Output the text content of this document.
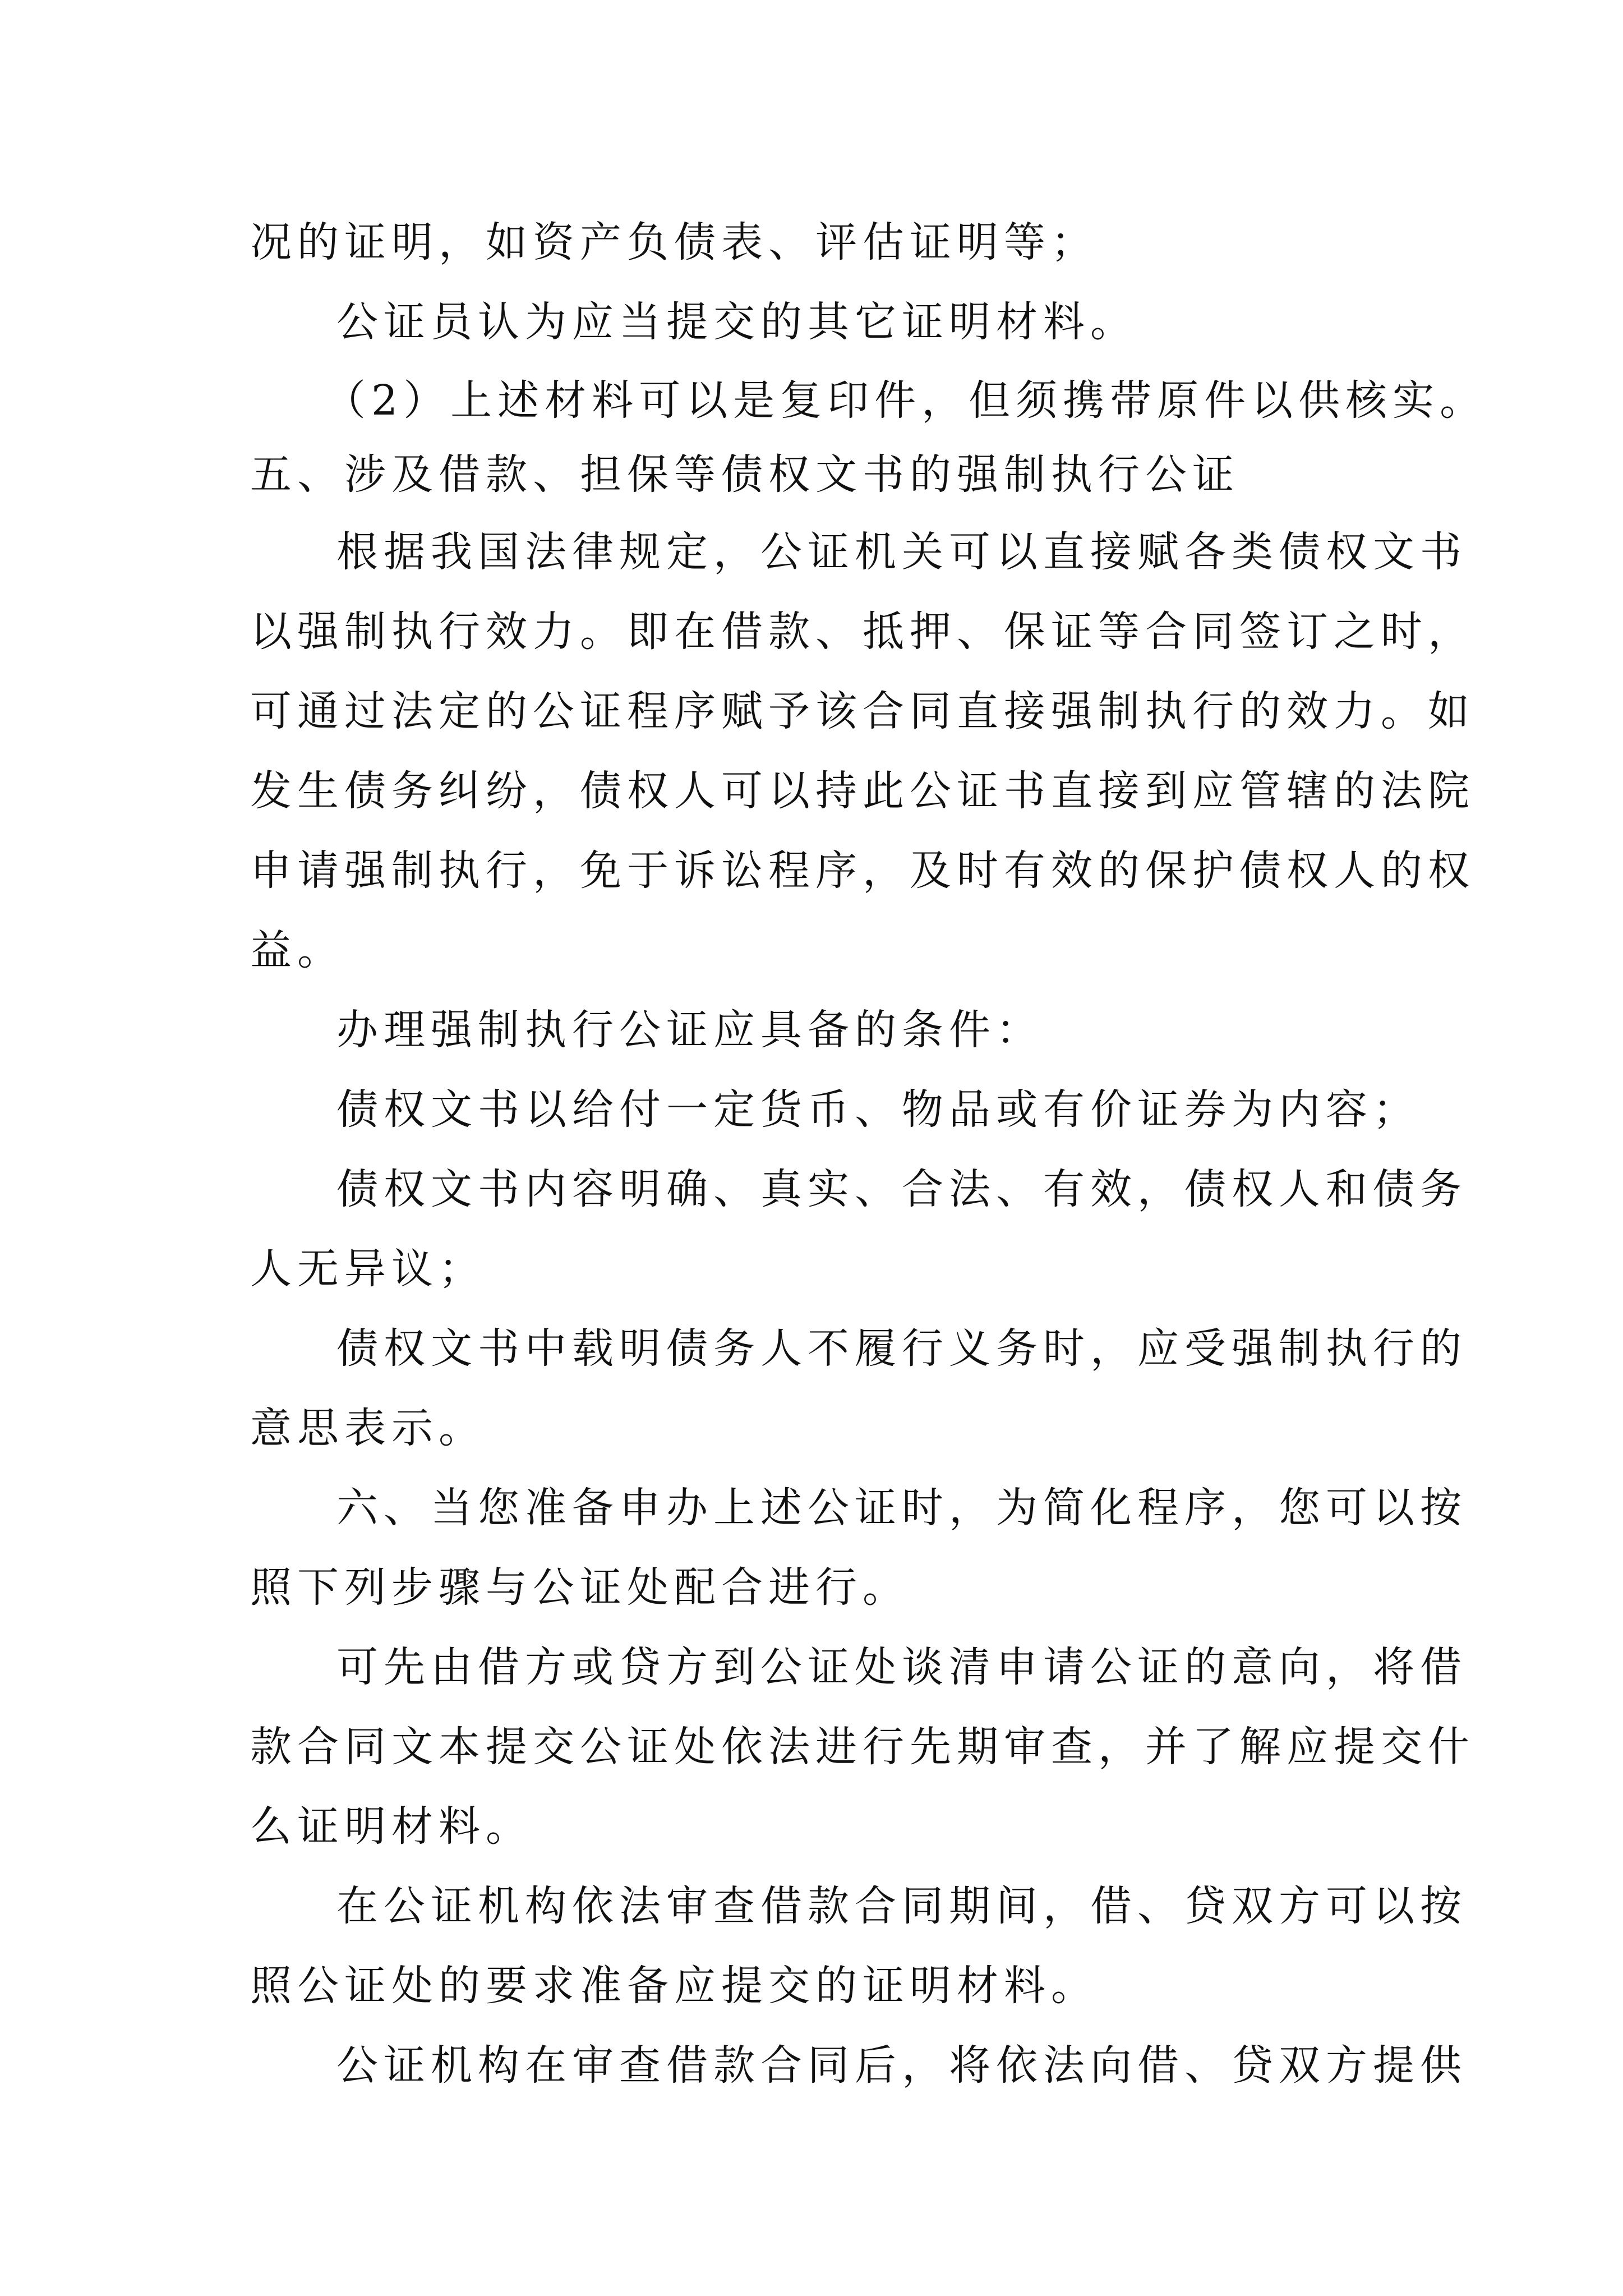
况的证明，如资产负债表、评估证明等；
公证员认为应当提交的其它证明材料。
（2）上述材料可以是复印件，但须携带原件以供核实。
五、涉及借款、担保等债权文书的强制执行公证
根据我国法律规定，公证机关可以直接赋各类债权文书
以强制执行效力。即在借款、抵押、保证等合同签订之时，
可通过法定的公证程序赋予该合同直接强制执行的效力。如
发生债务纠纷，债权人可以持此公证书直接到应管辖的法院
申请强制执行，免于诉讼程序，及时有效的保护债权人的权
益。
办理强制执行公证应具备的条件：
债权文书以给付一定货币、物品或有价证券为内容；
债权文书内容明确、真实、合法、有效，债权人和债务
人无异议；
债权文书中载明债务人不履行义务时，应受强制执行的
意思表示。
六、当您准备申办上述公证时，为简化程序，您可以按
照下列步骤与公证处配合进行。
可先由借方或贷方到公证处谈清申请公证的意向，将借
款合同文本提交公证处依法进行先期审查，并了解应提交什
么证明材料。
在公证机构依法审查借款合同期间，借、贷双方可以按
照公证处的要求准备应提交的证明材料。
公证机构在审查借款合同后，将依法向借、贷双方提供
